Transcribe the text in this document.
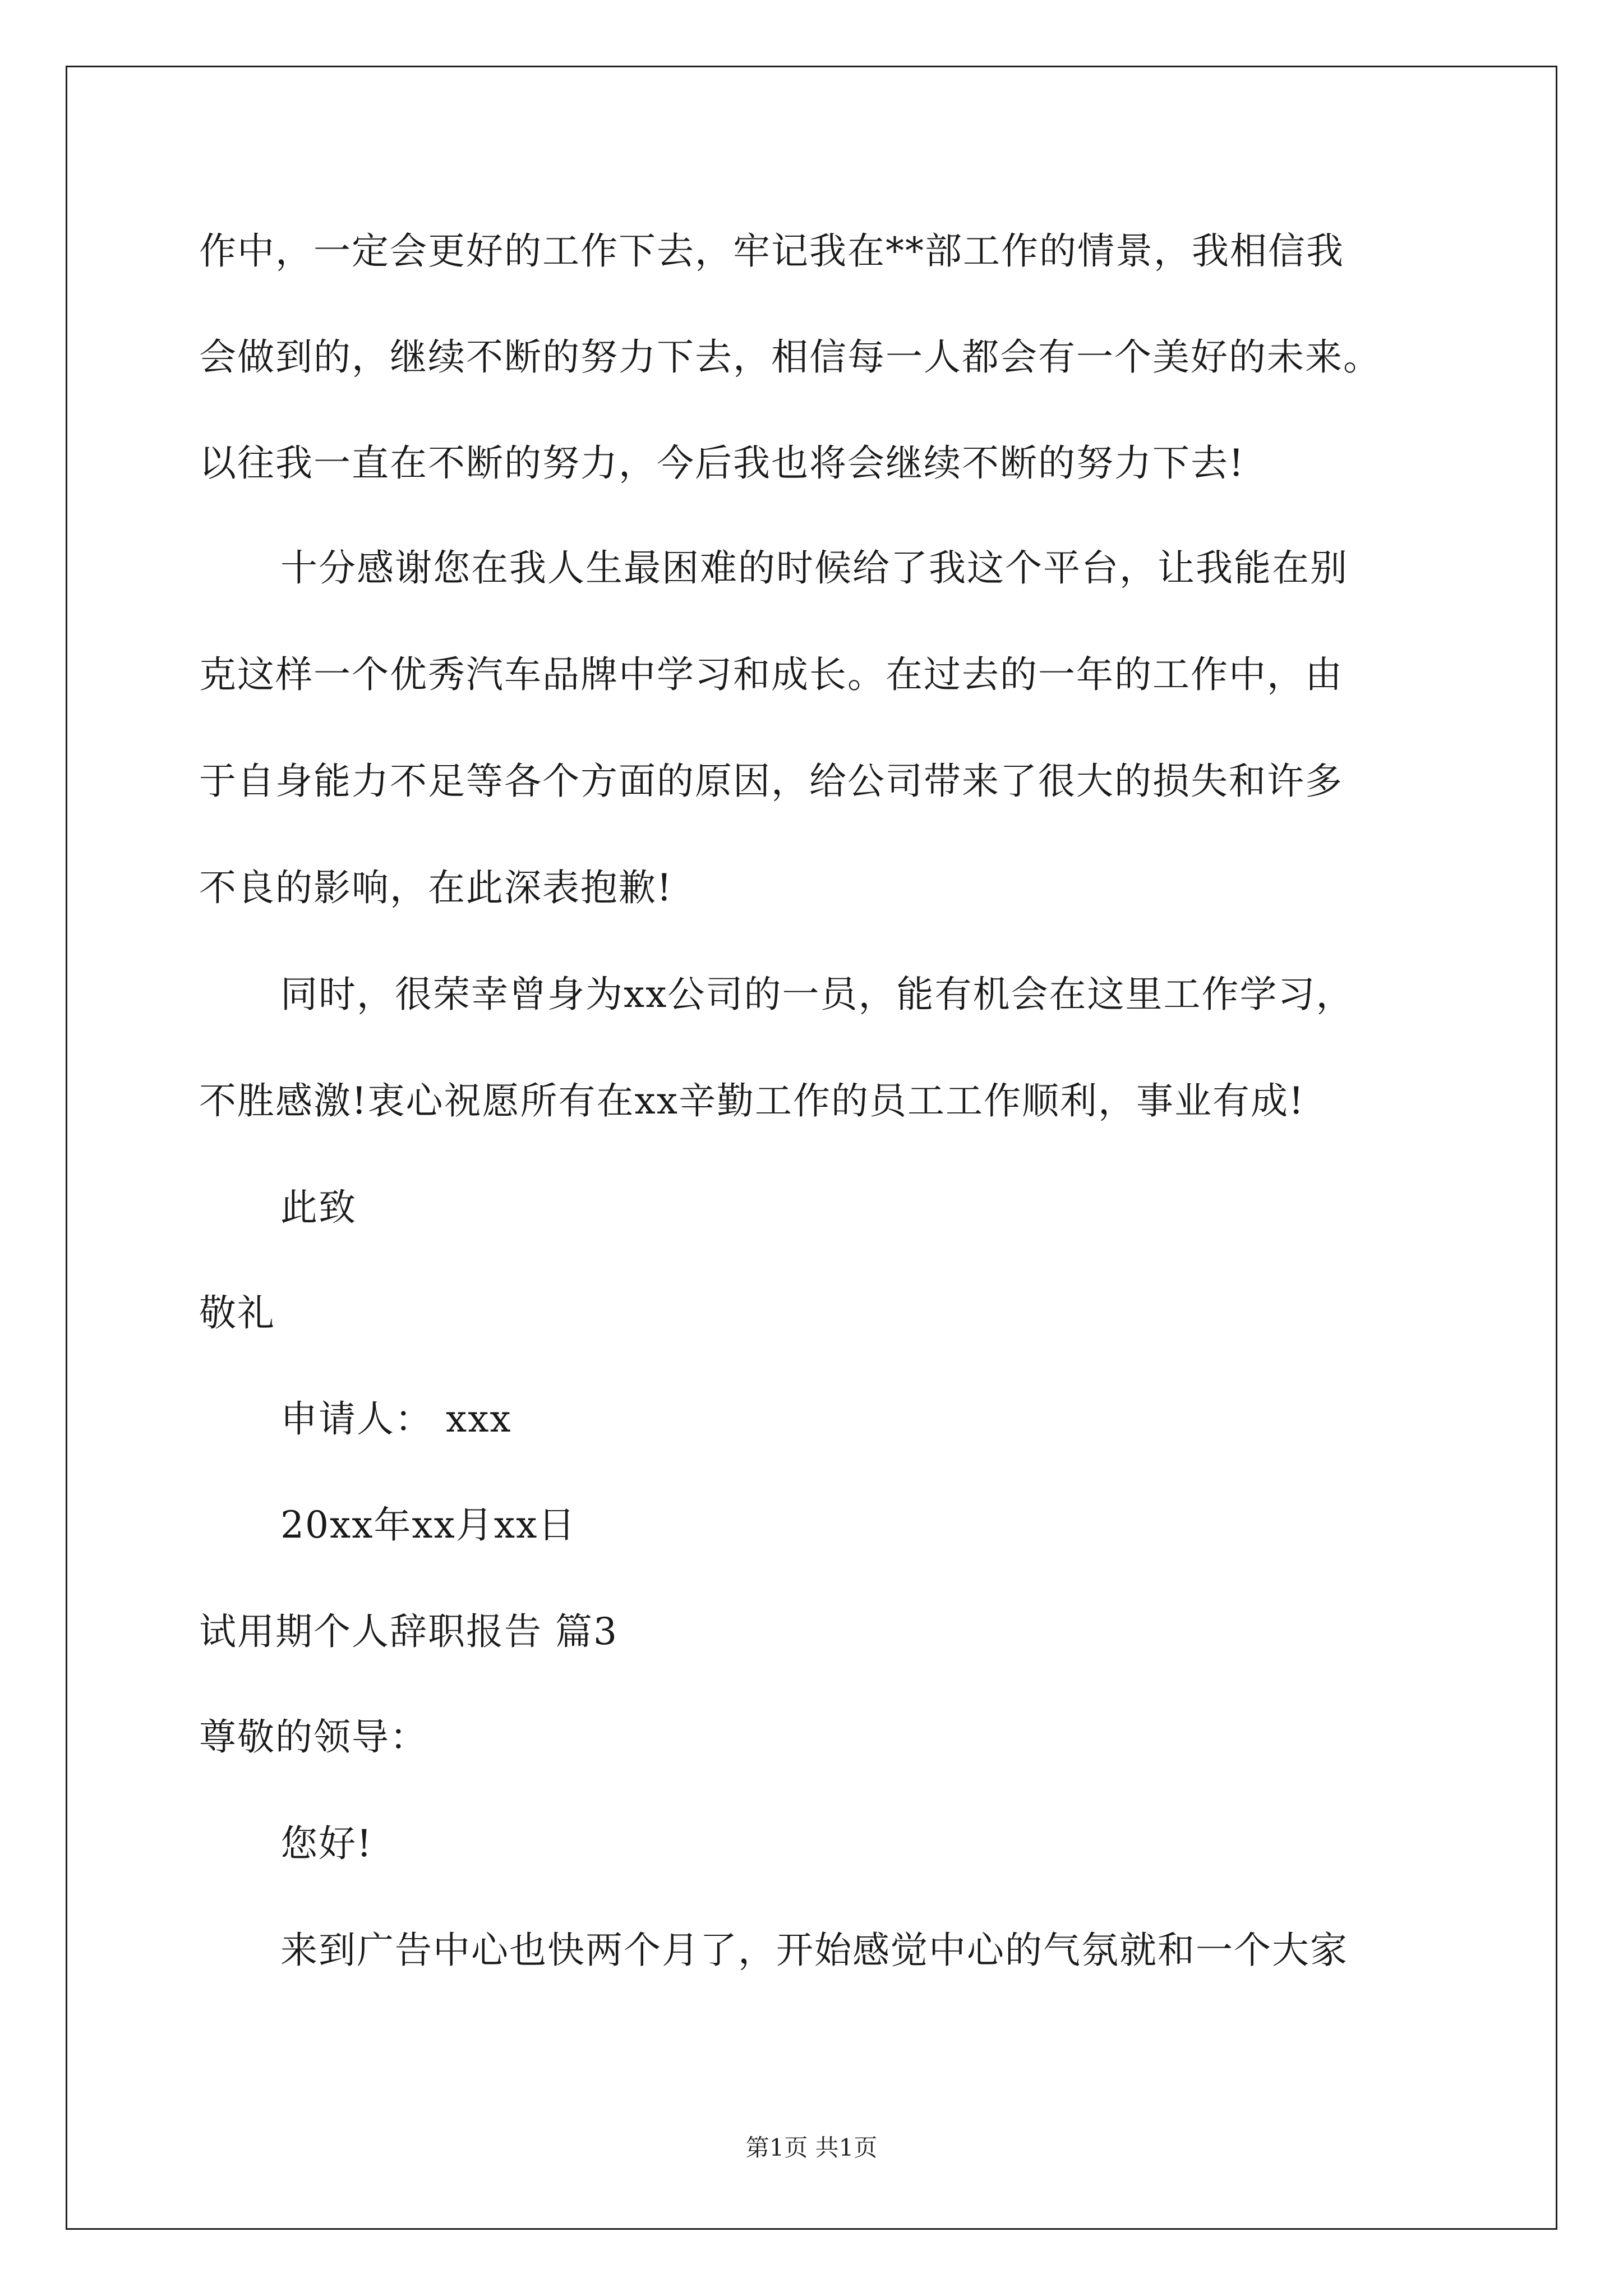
作中，一定会更好的工作下去，牢记我在**部工作的情景，我相信我
会做到的，继续不断的努力下去，相信每一人都会有一个美好的未来。
以往我一直在不断的努力，今后我也将会继续不断的努力下去!
十分感谢您在我人生最困难的时候给了我这个平台，让我能在别
克这样一个优秀汽车品牌中学习和成长。在过去的一年的工作中，由
于自身能力不足等各个方面的原因，给公司带来了很大的损失和许多
不良的影响，在此深表抱歉!
同时，很荣幸曾身为xx公司的一员，能有机会在这里工作学习，
不胜感激!衷心祝愿所有在xx辛勤工作的员工工作顺利，事业有成!
此致
敬礼
申请人： xxx
20xx年xx月xx日
试用期个人辞职报告 篇3
尊敬的领导：
您好!
来到广告中心也快两个月了，开始感觉中心的气氛就和一个大家
第1页 共1页
